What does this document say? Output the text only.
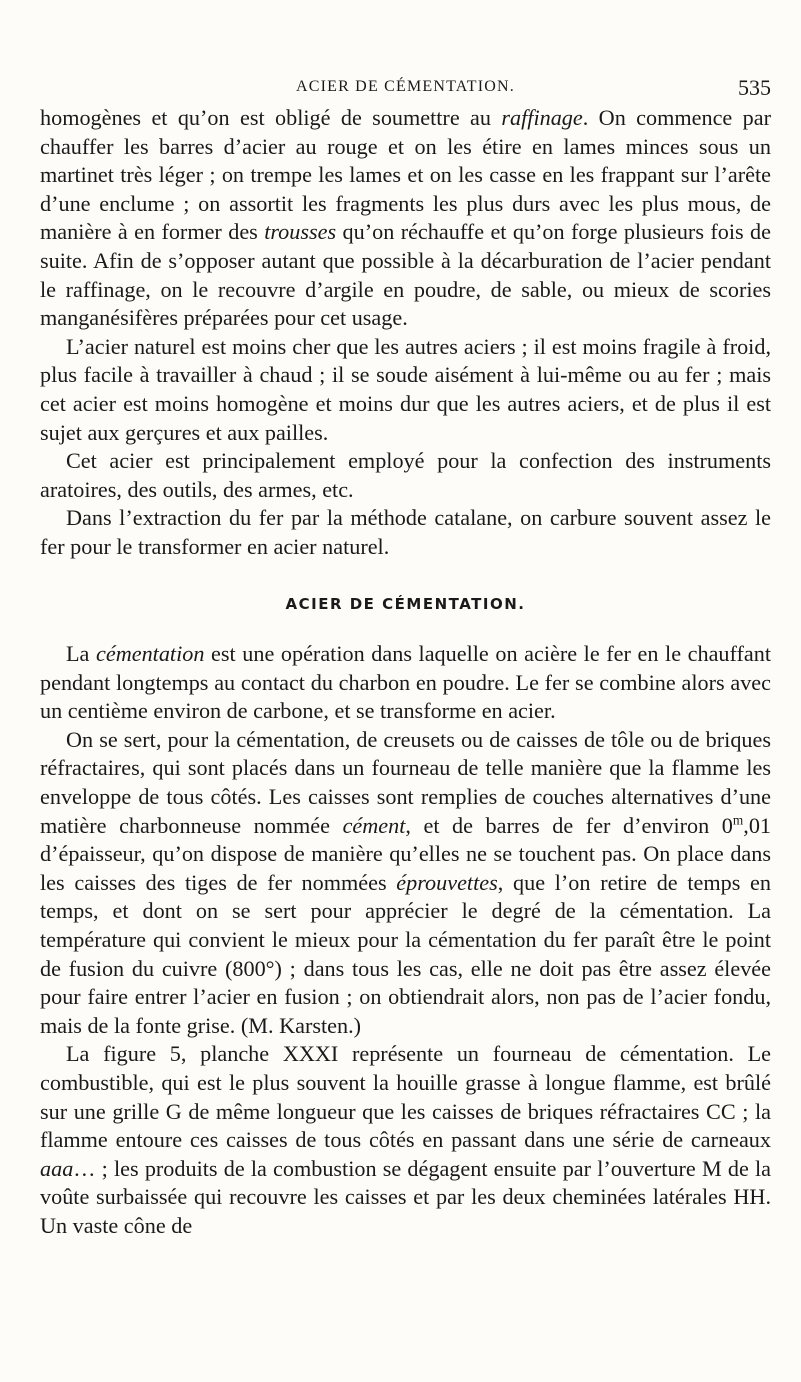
ACIER DE CÉMENTATION.	535

homogènes et qu’on est obligé de soumettre au raffinage. On commence par chauffer les barres d’acier au rouge et on les étire en lames minces sous un martinet très léger ; on trempe les lames et on les casse en les frappant sur l’arête d’une enclume ; on assortit les fragments les plus durs avec les plus mous, de manière à en former des trousses qu’on réchauffe et qu’on forge plusieurs fois de suite. Afin de s’opposer autant que possible à la décarburation de l’acier pendant le raffinage, on le recouvre d’argile en poudre, de sable, ou mieux de scories manganésifères préparées pour cet usage.

L’acier naturel est moins cher que les autres aciers ; il est moins fragile à froid, plus facile à travailler à chaud ; il se soude aisément à lui-même ou au fer ; mais cet acier est moins homogène et moins dur que les autres aciers, et de plus il est sujet aux gerçures et aux pailles.

Cet acier est principalement employé pour la confection des instruments aratoires, des outils, des armes, etc.

Dans l’extraction du fer par la méthode catalane, on carbure souvent assez le fer pour le transformer en acier naturel.

ACIER DE CÉMENTATION.

La cémentation est une opération dans laquelle on acière le fer en le chauffant pendant longtemps au contact du charbon en poudre. Le fer se combine alors avec un centième environ de carbone, et se transforme en acier.

On se sert, pour la cémentation, de creusets ou de caisses de tôle ou de briques réfractaires, qui sont placés dans un fourneau de telle manière que la flamme les enveloppe de tous côtés. Les caisses sont remplies de couches alternatives d’une matière charbonneuse nommée cément, et de barres de fer d’environ 0$^m$,01 d’épaisseur, qu’on dispose de manière qu’elles ne se touchent pas. On place dans les caisses des tiges de fer nommées éprouvettes, que l’on retire de temps en temps, et dont on se sert pour apprécier le degré de la cémentation. La température qui convient le mieux pour la cémentation du fer paraît être le point de fusion du cuivre (800°) ; dans tous les cas, elle ne doit pas être assez élevée pour faire entrer l’acier en fusion ; on obtiendrait alors, non pas de l’acier fondu, mais de la fonte grise. (M. Karsten.)

La figure 5, planche XXXI représente un fourneau de cémentation. Le combustible, qui est le plus souvent la houille grasse à longue flamme, est brûlé sur une grille G de même longueur que les caisses de briques réfractaires CC ; la flamme entoure ces caisses de tous côtés en passant dans une série de carneaux aaa… ; les produits de la combustion se dégagent ensuite par l’ouverture M de la voûte surbaissée qui recouvre les caisses et par les deux cheminées latérales HH. Un vaste cône de
